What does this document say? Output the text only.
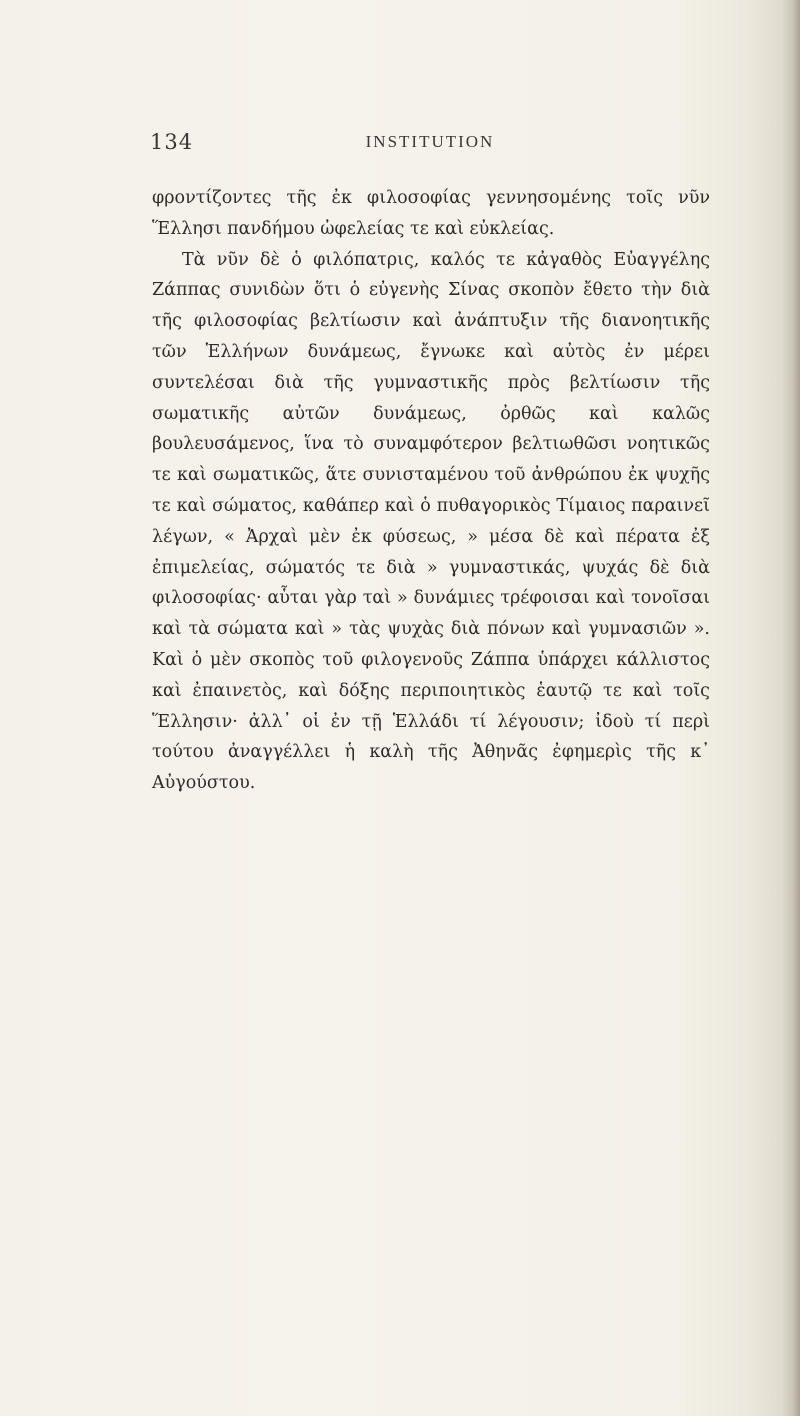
134	INSTITUTION

φροντίζοντες τῆς ἐκ φιλοσοφίας γεννησομένης τοῖς νῦν Ἕλλησι πανδήμου ὠφελείας τε καὶ εὐκλείας.

Τὰ νῦν δὲ ὁ φιλόπατρις, καλός τε κἀγαθὸς Εὐαγγέλης Ζάππας συνιδὼν ὅτι ὁ εὐγενὴς Σίνας σκοπὸν ἔθετο τὴν διὰ τῆς φιλοσοφίας βελτίωσιν καὶ ἀνάπτυξιν τῆς διανοητικῆς τῶν Ἑλλήνων δυνάμεως, ἔγνωκε καὶ αὐτὸς ἐν μέρει συντελέσαι διὰ τῆς γυμναστικῆς πρὸς βελτίωσιν τῆς σωματικῆς αὐτῶν δυνάμεως, ὀρθῶς καὶ καλῶς βουλευσάμενος, ἵνα τὸ συναμφότερον βελτιωθῶσι νοητικῶς τε καὶ σωματικῶς, ἅτε συνισταμένου τοῦ ἀνθρώπου ἐκ ψυχῆς τε καὶ σώματος, καθάπερ καὶ ὁ πυθαγορικὸς Τίμαιος παραινεῖ λέγων, « Ἀρχαὶ μὲν ἐκ φύσεως, » μέσα δὲ καὶ πέρατα ἐξ ἐπιμελείας, σώματός τε διὰ » γυμναστικάς, ψυχάς δὲ διὰ φιλοσοφίας· αὗται γὰρ ταὶ » δυνάμιες τρέφοισαι καὶ τονοῖσαι καὶ τὰ σώματα καὶ » τὰς ψυχὰς διὰ πόνων καὶ γυμνασιῶν ». Καὶ ὁ μὲν σκοπὸς τοῦ φιλογενοῦς Ζάππα ὑπάρχει κάλλιστος καὶ ἐπαινετὸς, καὶ δόξης περιποιητικὸς ἑαυτῷ τε καὶ τοῖς Ἕλλησιν· ἀλλ᾽ οἱ ἐν τῇ Ἑλλάδι τί λέγουσιν; ἰδοὺ τί περὶ τούτου ἀναγγέλλει ἡ καλὴ τῆς Ἀθηνᾶς ἐφημερὶς τῆς κ᾽ Αὐγούστου.
